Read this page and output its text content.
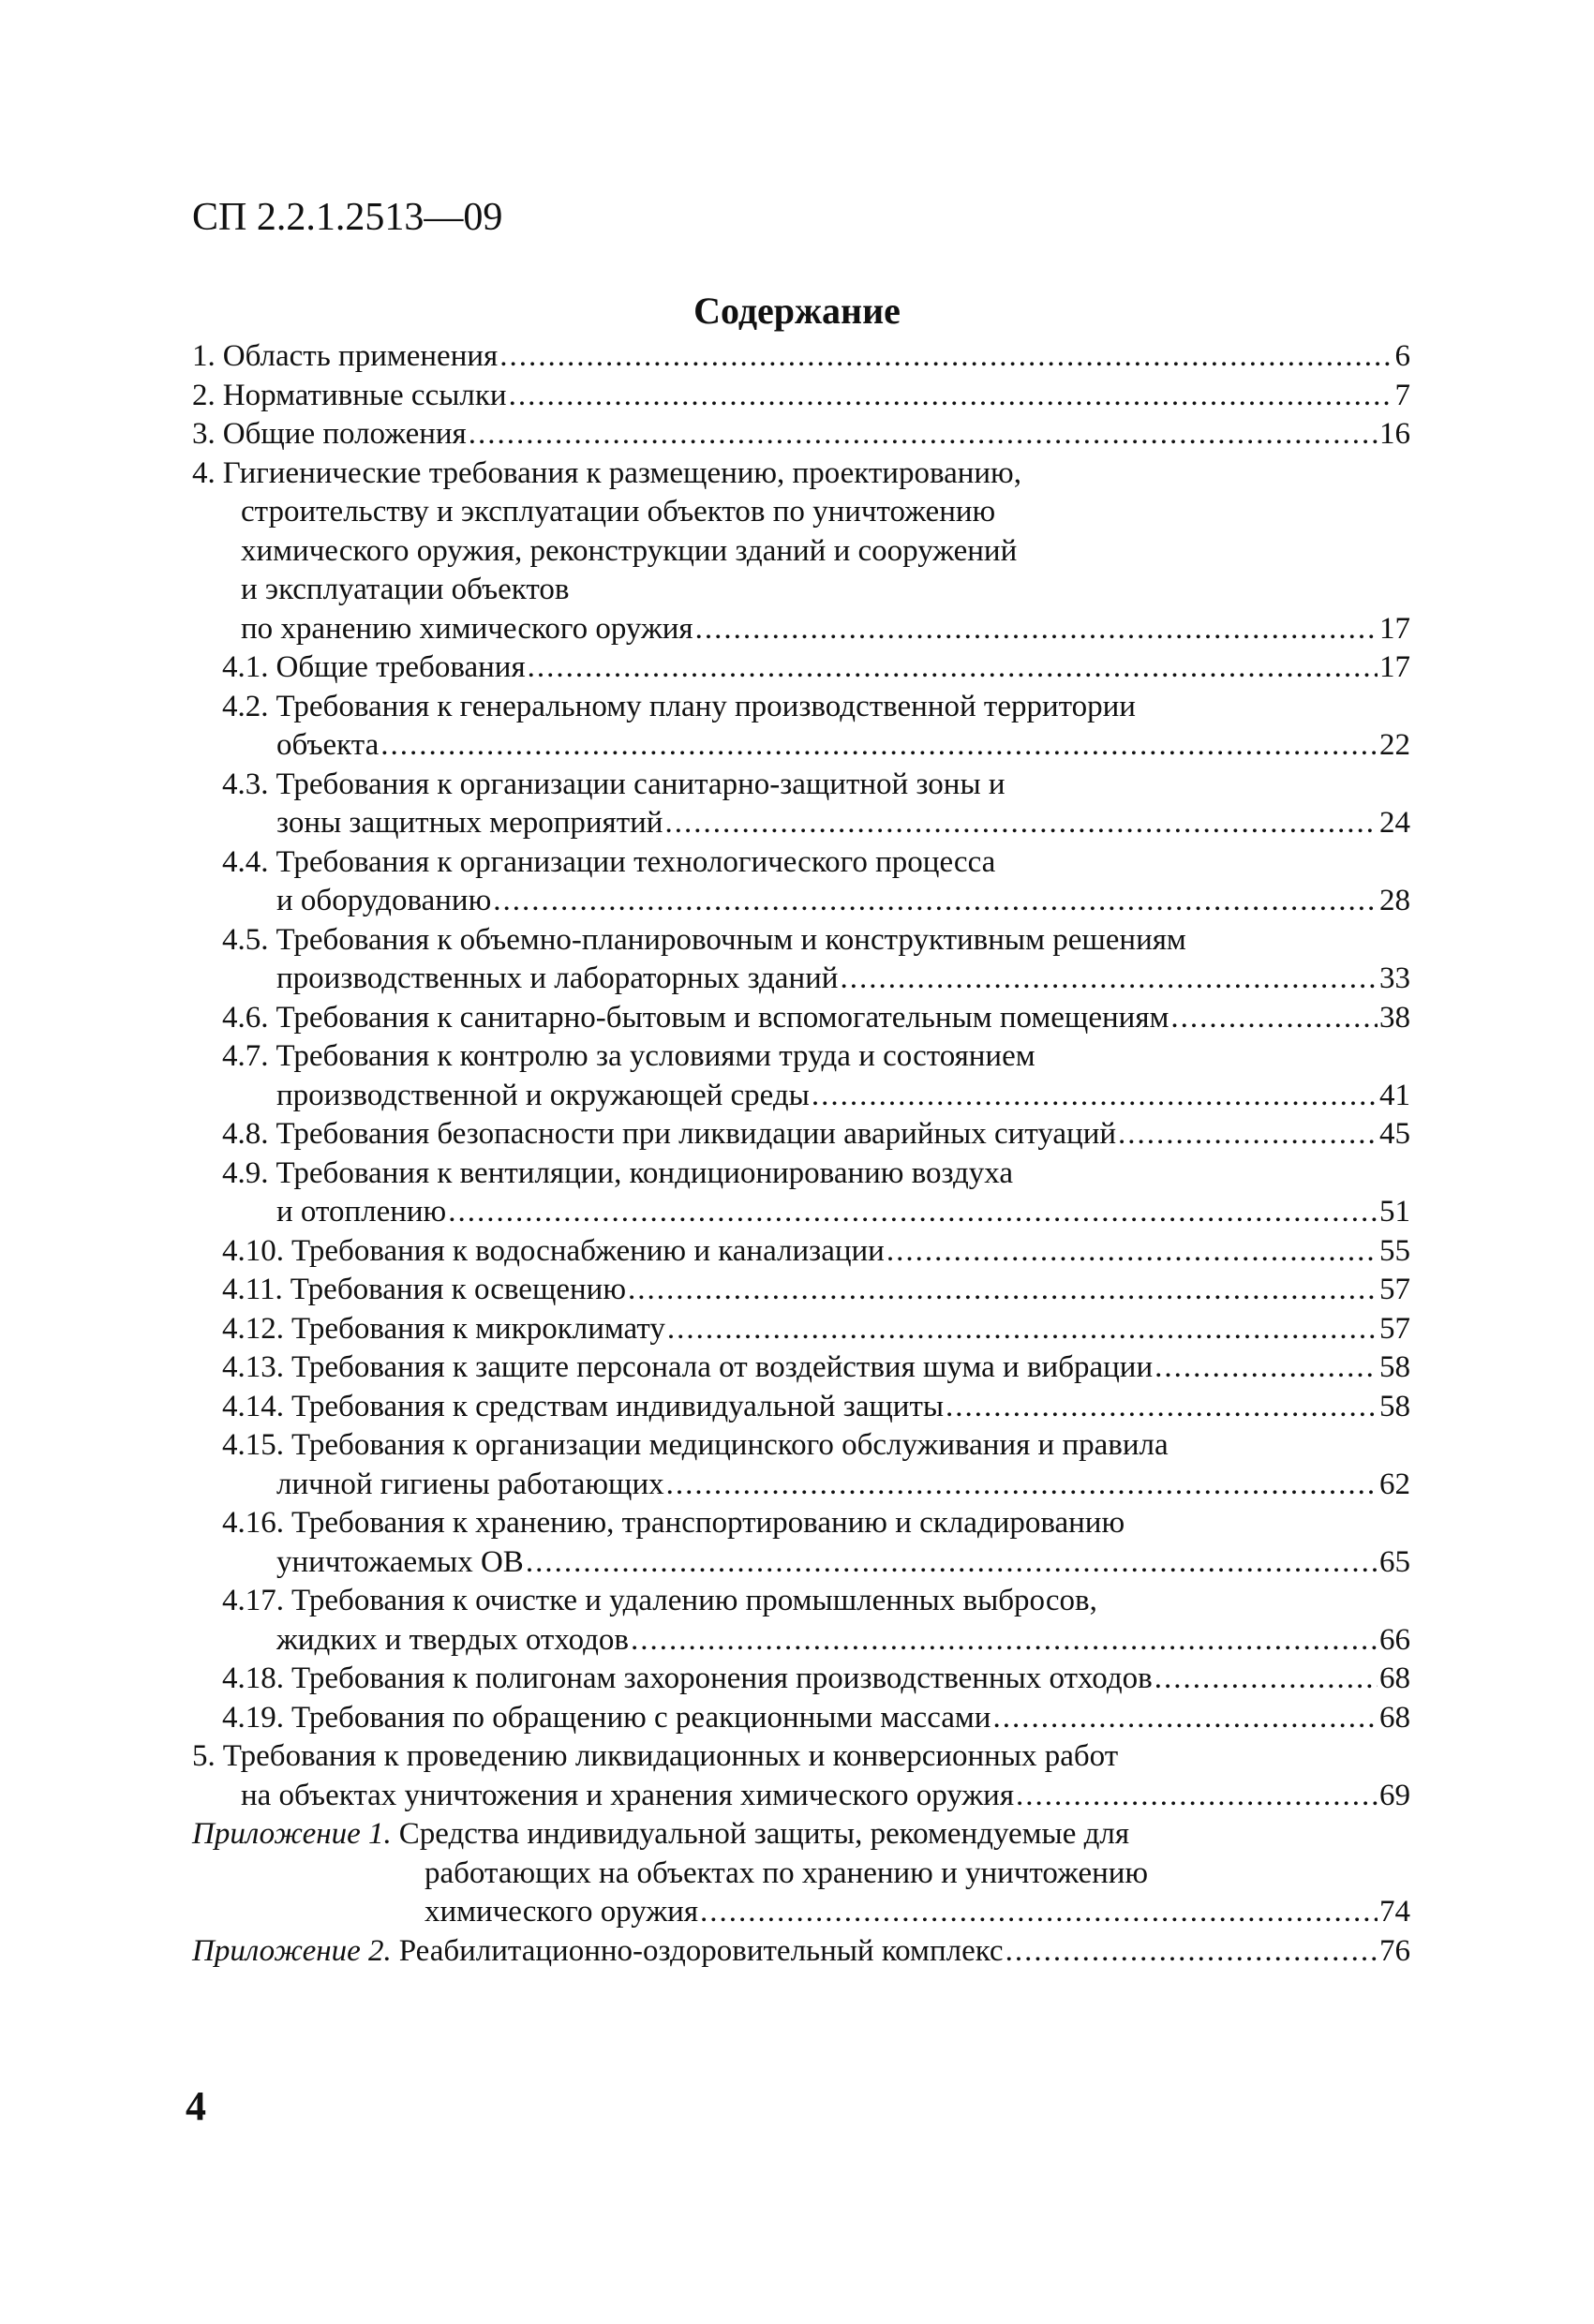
СП 2.2.1.2513—09
Содержание
1. Область применения .....	6
2. Нормативные ссылки .....	7
3. Общие положения .....	16
4. Гигиенические требования к размещению, проектированию,
строительству и эксплуатации объектов по уничтожению
химического оружия, реконструкции зданий и сооружений
и эксплуатации объектов
по хранению химического оружия .....	17
4.1. Общие требования .....	17
4.2. Требования к генеральному плану производственной территории
объекта .....	22
4.3. Требования к организации санитарно-защитной зоны и
зоны защитных мероприятий .....	24
4.4. Требования к организации технологического процесса
и оборудованию .....	28
4.5. Требования к объемно-планировочным и конструктивным решениям
производственных и лабораторных зданий .....	33
4.6. Требования к санитарно-бытовым и вспомогательным помещениям .....	38
4.7. Требования к контролю за условиями труда и состоянием
производственной и окружающей среды .....	41
4.8. Требования безопасности при ликвидации аварийных ситуаций .....	45
4.9. Требования к вентиляции, кондиционированию воздуха
и отоплению .....	51
4.10. Требования к водоснабжению и канализации .....	55
4.11. Требования к освещению .....	57
4.12. Требования к микроклимату .....	57
4.13. Требования к защите персонала от воздействия шума и вибрации .....	58
4.14. Требования к средствам индивидуальной защиты .....	58
4.15. Требования к организации медицинского обслуживания и правила
личной гигиены работающих .....	62
4.16. Требования к хранению, транспортированию и складированию
уничтожаемых ОВ .....	65
4.17. Требования к очистке и удалению промышленных выбросов,
жидких и твердых отходов .....	66
4.18. Требования к полигонам захоронения производственных отходов .....	68
4.19. Требования по обращению с реакционными массами .....	68
5. Требования к проведению ликвидационных и конверсионных работ
на объектах уничтожения и хранения химического оружия .....	69
Приложение 1. Средства индивидуальной защиты, рекомендуемые для
работающих на объектах по хранению и уничтожению
химического оружия .....	74
Приложение 2. Реабилитационно-оздоровительный комплекс .....	76
4
